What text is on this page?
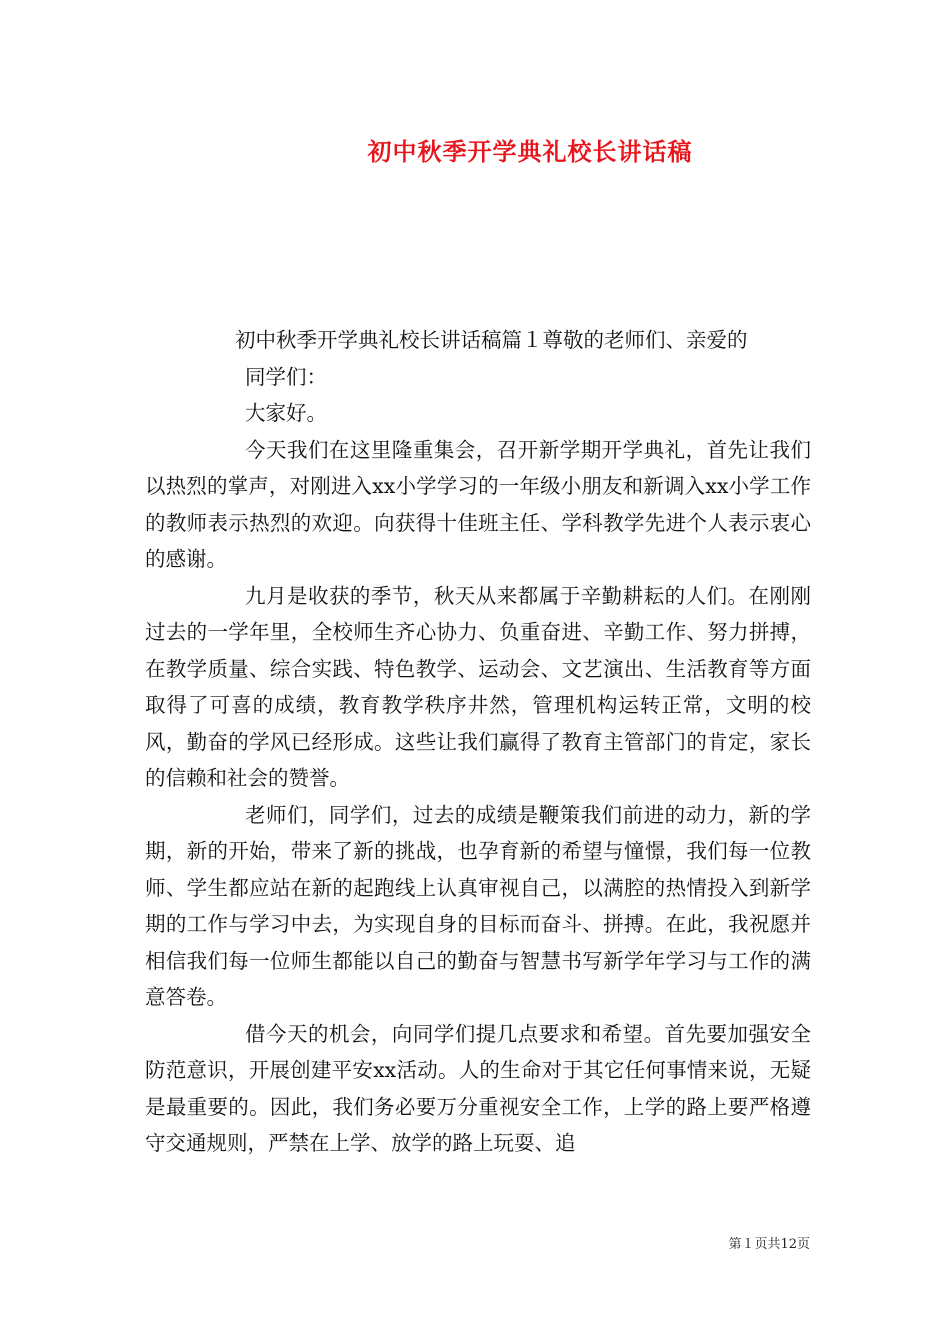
初中秋季开学典礼校长讲话稿
初中秋季开学典礼校长讲话稿篇１尊敬的老师们、亲爱的
同学们：
大家好。

今天我们在这里隆重集会，召开新学期开学典礼，首先让我们以热烈的掌声，对刚进入xx小学学习的一年级小朋友和新调入xx小学工作的教师表示热烈的欢迎。向获得十佳班主任、学科教学先进个人表示衷心的感谢。

九月是收获的季节，秋天从来都属于辛勤耕耘的人们。在刚刚过去的一学年里，全校师生齐心协力、负重奋进、辛勤工作、努力拼搏，在教学质量、综合实践、特色教学、运动会、文艺演出、生活教育等方面取得了可喜的成绩，教育教学秩序井然，管理机构运转正常，文明的校风，勤奋的学风已经形成。这些让我们赢得了教育主管部门的肯定，家长的信赖和社会的赞誉。

老师们，同学们，过去的成绩是鞭策我们前进的动力，新的学期，新的开始，带来了新的挑战，也孕育新的希望与憧憬，我们每一位教师、学生都应站在新的起跑线上认真审视自己，以满腔的热情投入到新学期的工作与学习中去，为实现自身的目标而奋斗、拼搏。在此，我祝愿并相信我们每一位师生都能以自己的勤奋与智慧书写新学年学习与工作的满意答卷。

借今天的机会，向同学们提几点要求和希望。首先要加强安全防范意识，开展创建平安xx活动。人的生命对于其它任何事情来说，无疑是最重要的。因此，我们务必要万分重视安全工作，上学的路上要严格遵守交通规则，严禁在上学、放学的路上玩耍、追

第１页共12页
